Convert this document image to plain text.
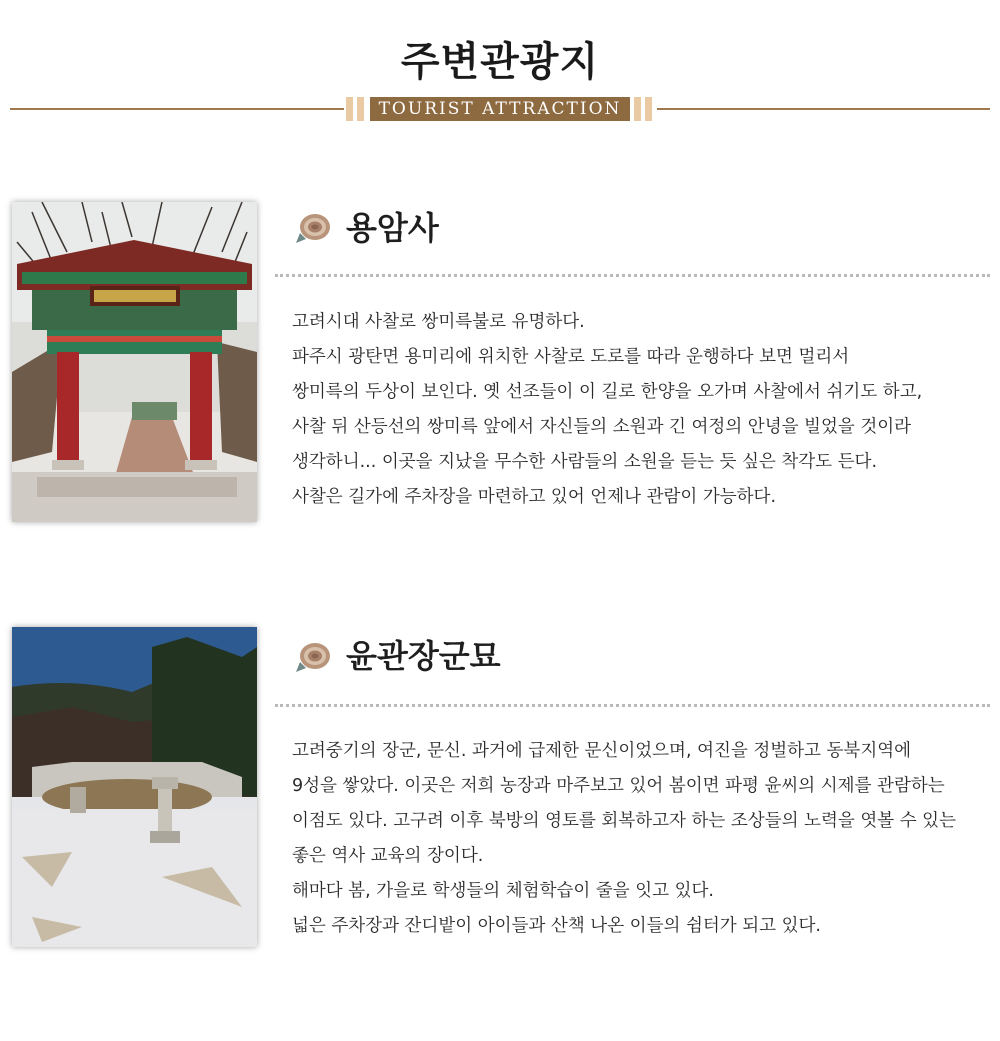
주변관광지
TOURIST ATTRACTION
용암사
고려시대 사찰로 쌍미륵불로 유명하다.
파주시 광탄면 용미리에 위치한 사찰로 도로를 따라 운행하다 보면 멀리서
쌍미륵의 두상이 보인다. 옛 선조들이 이 길로 한양을 오가며 사찰에서 쉬기도 하고,
사찰 뒤 산등선의 쌍미륵 앞에서 자신들의 소원과 긴 여정의 안녕을 빌었을 것이라
생각하니... 이곳을 지났을 무수한 사람들의 소원을 듣는 듯 싶은 착각도 든다.
사찰은 길가에 주차장을 마련하고 있어 언제나 관람이 가능하다.
윤관장군묘
고려중기의 장군, 문신. 과거에 급제한 문신이었으며, 여진을 정벌하고 동북지역에
9성을 쌓았다. 이곳은 저희 농장과 마주보고 있어 봄이면 파평 윤씨의 시제를 관람하는
이점도 있다. 고구려 이후 북방의 영토를 회복하고자 하는 조상들의 노력을 엿볼 수 있는
좋은 역사 교육의 장이다.
해마다 봄, 가을로 학생들의 체험학습이 줄을 잇고 있다.
넓은 주차장과 잔디밭이 아이들과 산책 나온 이들의 쉼터가 되고 있다.
